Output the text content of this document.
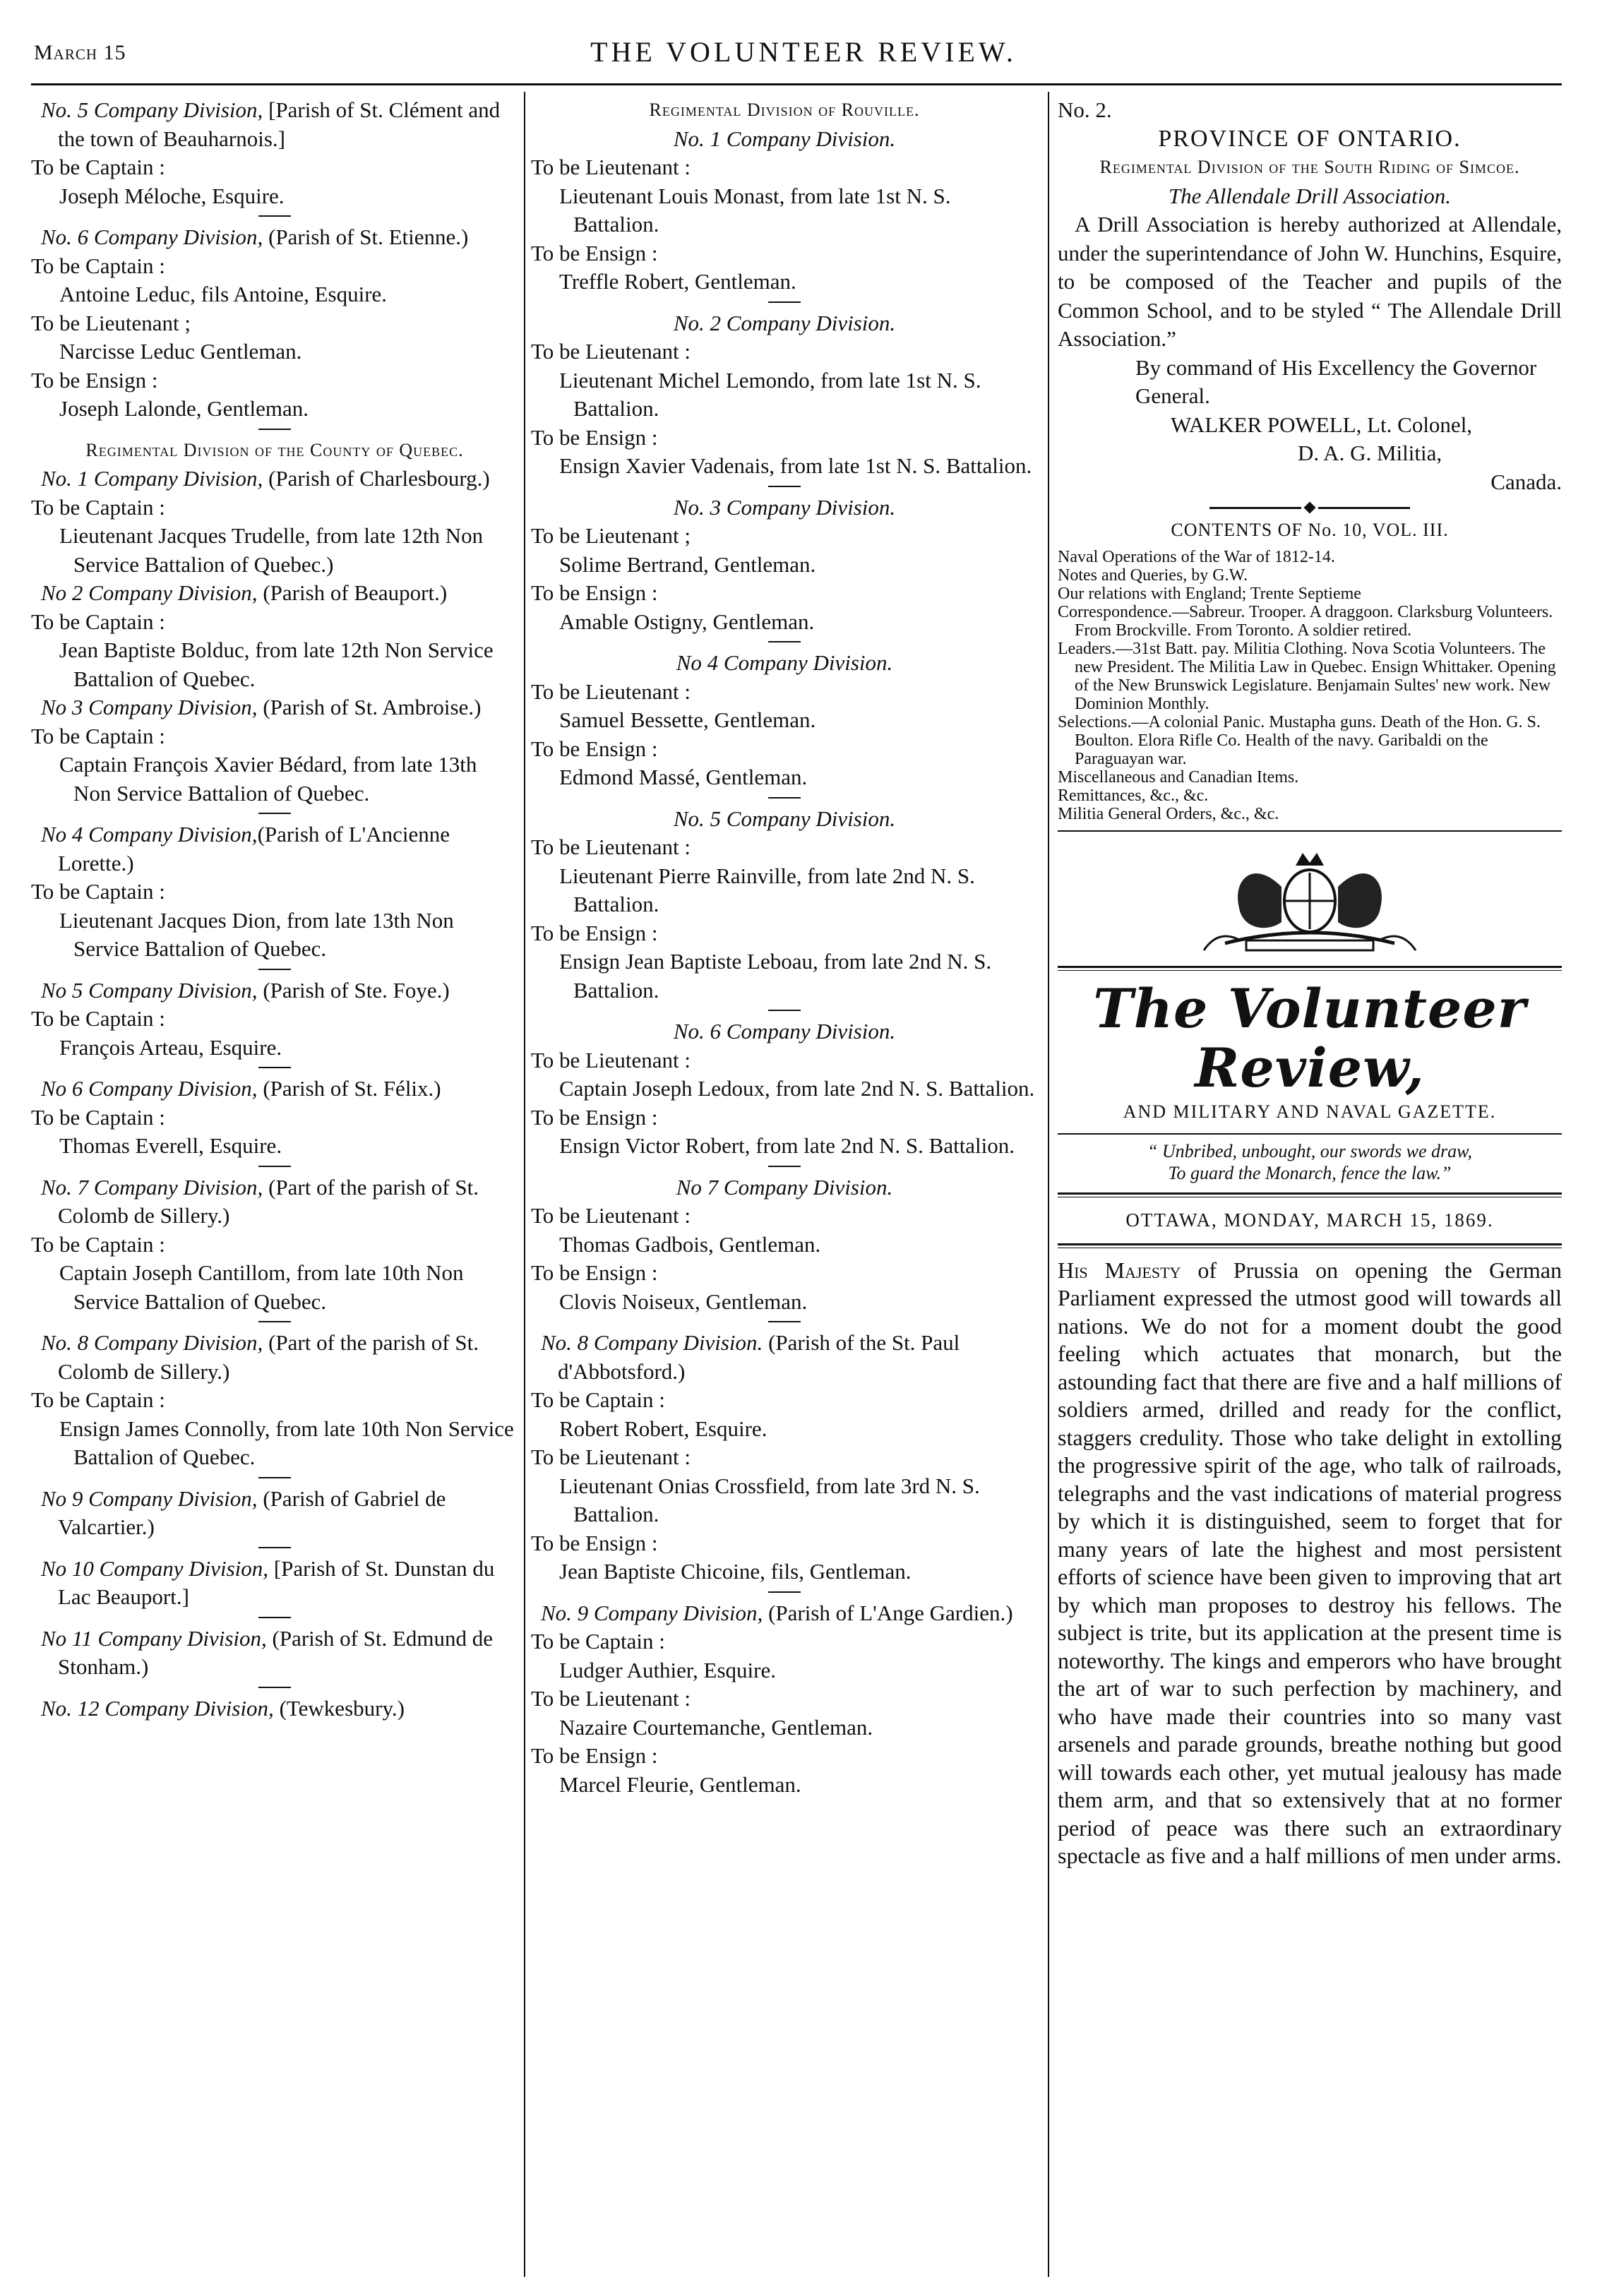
March 15	THE VOLUNTEER REVIEW.

No. 5 Company Division, [Parish of St. Clément and the town of Beauharnois.]

To be Captain :

Joseph Méloche, Esquire.

No. 6 Company Division, (Parish of St. Etienne.)

To be Captain :

Antoine Leduc, fils Antoine, Esquire.

To be Lieutenant ;

Narcisse Leduc Gentleman.

To be Ensign :

Joseph Lalonde, Gentleman.

Regimental Division of the County of Quebec.

No. 1 Company Division, (Parish of Charlesbourg.)

To be Captain :

Lieutenant Jacques Trudelle, from late 12th Non Service Battalion of Quebec.)

No 2 Company Division, (Parish of Beauport.)

To be Captain :

Jean Baptiste Bolduc, from late 12th Non Service Battalion of Quebec.

No 3 Company Division, (Parish of St. Ambroise.)

To be Captain :

Captain François Xavier Bédard, from late 13th Non Service Battalion of Quebec.

No 4 Company Division,(Parish of L'Ancienne Lorette.)

To be Captain :

Lieutenant Jacques Dion, from late 13th Non Service Battalion of Quebec.

No 5 Company Division, (Parish of Ste. Foye.)

To be Captain :

François Arteau, Esquire.

No 6 Company Division, (Parish of St. Félix.)

To be Captain :

Thomas Everell, Esquire.

No. 7 Company Division, (Part of the parish of St. Colomb de Sillery.)

To be Captain :

Captain Joseph Cantillom, from late 10th Non Service Battalion of Quebec.

No. 8 Company Division, (Part of the parish of St. Colomb de Sillery.)

To be Captain :

Ensign James Connolly, from late 10th Non Service Battalion of Quebec.

No 9 Company Division, (Parish of Gabriel de Valcartier.)

No 10 Company Division, [Parish of St. Dunstan du Lac Beauport.]

No 11 Company Division, (Parish of St. Edmund de Stonham.)

No. 12 Company Division, (Tewkesbury.)

Regimental Division of Rouville.

No. 1 Company Division.

To be Lieutenant :

Lieutenant Louis Monast, from late 1st N. S. Battalion.

To be Ensign :

Treffle Robert, Gentleman.

No. 2 Company Division.

To be Lieutenant :

Lieutenant Michel Lemondo, from late 1st N. S. Battalion.

To be Ensign :

Ensign Xavier Vadenais, from late 1st N. S. Battalion.

No. 3 Company Division.

To be Lieutenant ;

Solime Bertrand, Gentleman.

To be Ensign :

Amable Ostigny, Gentleman.

No 4 Company Division.

To be Lieutenant :

Samuel Bessette, Gentleman.

To be Ensign :

Edmond Massé, Gentleman.

No. 5 Company Division.

To be Lieutenant :

Lieutenant Pierre Rainville, from late 2nd N. S. Battalion.

To be Ensign :

Ensign Jean Baptiste Leboau, from late 2nd N. S. Battalion.

No. 6 Company Division.

To be Lieutenant :

Captain Joseph Ledoux, from late 2nd N. S. Battalion.

To be Ensign :

Ensign Victor Robert, from late 2nd N. S. Battalion.

No 7 Company Division.

To be Lieutenant :

Thomas Gadbois, Gentleman.

To be Ensign :

Clovis Noiseux, Gentleman.

No. 8 Company Division. (Parish of the St. Paul d'Abbotsford.)

To be Captain :

Robert Robert, Esquire.

To be Lieutenant :

Lieutenant Onias Crossfield, from late 3rd N. S. Battalion.

To be Ensign :

Jean Baptiste Chicoine, fils, Gentleman.

No. 9 Company Division, (Parish of L'Ange Gardien.)

To be Captain :

Ludger Authier, Esquire.

To be Lieutenant :

Nazaire Courtemanche, Gentleman.

To be Ensign :

Marcel Fleurie, Gentleman.

No. 2.

PROVINCE OF ONTARIO.

Regimental Division of the South Riding of Simcoe.

The Allendale Drill Association.

A Drill Association is hereby authorized at Allendale, under the superintendance of John W. Hunchins, Esquire, to be composed of the Teacher and pupils of the Common School, and to be styled “ The Allendale Drill Association.”

By command of His Excellency the Governor General.

WALKER POWELL, Lt. Colonel,

D. A. G. Militia,

Canada.

CONTENTS OF No. 10, VOL. III.

Naval Operations of the War of 1812-14.

Notes and Queries, by G.W.

Our relations with England; Trente Septieme

Correspondence.—Sabreur. Trooper. A draggoon. Clarksburg Volunteers. From Brockville. From Toronto. A soldier retired.

Leaders.—31st Batt. pay. Militia Clothing. Nova Scotia Volunteers. The new President. The Militia Law in Quebec. Ensign Whittaker. Opening of the New Brunswick Legislature. Benjamain Sultes' new work. New Dominion Monthly.

Selections.—A colonial Panic. Mustapha guns. Death of the Hon. G. S. Boulton. Elora Rifle Co. Health of the navy. Garibaldi on the Paraguayan war.

Miscellaneous and Canadian Items.

Remittances, &c., &c.

Militia General Orders, &c., &c.

The Volunteer Review,

AND MILITARY AND NAVAL GAZETTE.

“ Unbribed, unbought, our swords we draw,

To guard the Monarch, fence the law.”

OTTAWA, MONDAY, MARCH 15, 1869.

His Majesty of Prussia on opening the German Parliament expressed the utmost good will towards all nations. We do not for a moment doubt the good feeling which actuates that monarch, but the astounding fact that there are five and a half millions of soldiers armed, drilled and ready for the conflict, staggers credulity. Those who take delight in extolling the progressive spirit of the age, who talk of railroads, telegraphs and the vast indications of material progress by which it is distinguished, seem to forget that for many years of late the highest and most persistent efforts of science have been given to improving that art by which man proposes to destroy his fellows. The subject is trite, but its application at the present time is noteworthy. The kings and emperors who have brought the art of war to such perfection by machinery, and who have made their countries into so many vast arsenels and parade grounds, breathe nothing but good will towards each other, yet mutual jealousy has made them arm, and that so extensively that at no former period of peace was there such an extraordinary spectacle as five and a half millions of men under arms.
